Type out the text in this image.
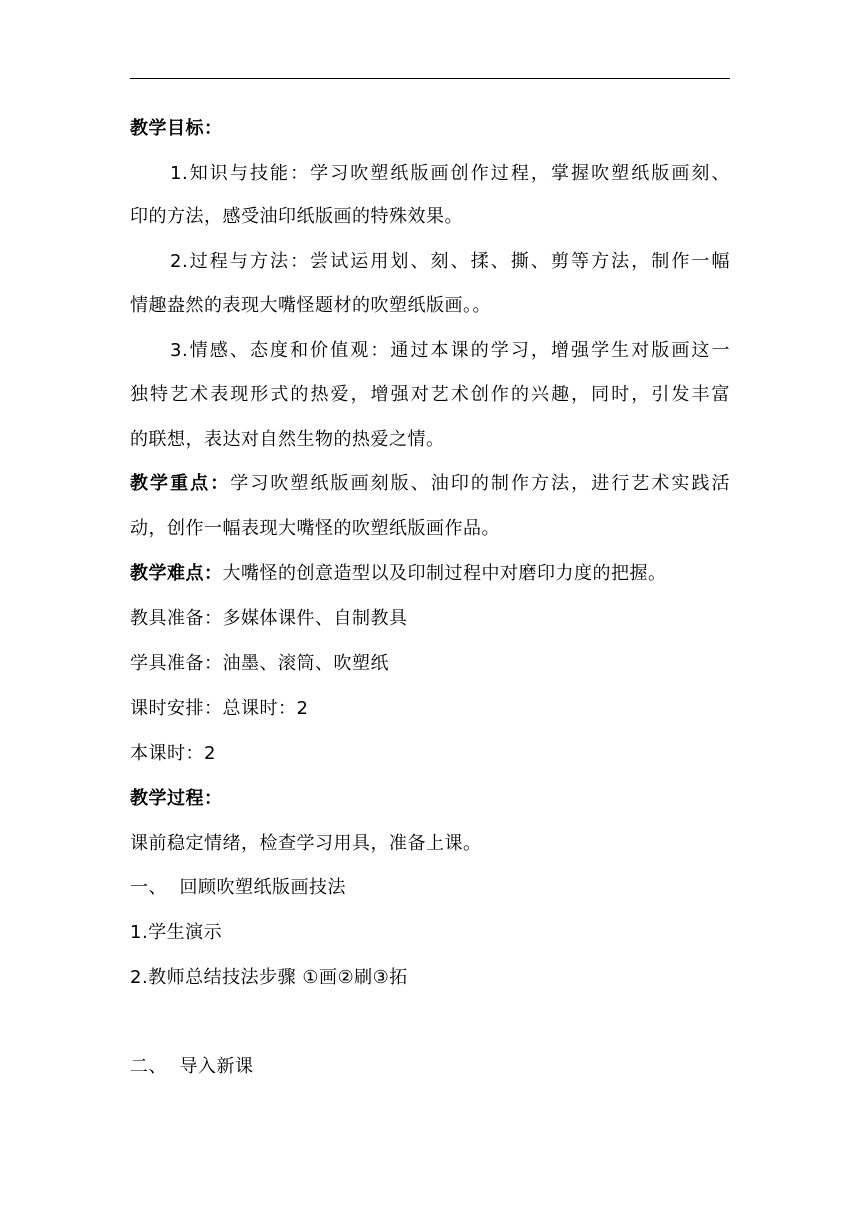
教学目标：
1.知识与技能：学习吹塑纸版画创作过程，掌握吹塑纸版画刻、
印的方法，感受油印纸版画的特殊效果。
2.过程与方法：尝试运用划、刻、揉、撕、剪等方法，制作一幅
情趣盎然的表现大嘴怪题材的吹塑纸版画。。
3.情感、态度和价值观：通过本课的学习，增强学生对版画这一
独特艺术表现形式的热爱，增强对艺术创作的兴趣，同时，引发丰富
的联想，表达对自然生物的热爱之情。
教学重点：学习吹塑纸版画刻版、油印的制作方法，进行艺术实践活
动，创作一幅表现大嘴怪的吹塑纸版画作品。
教学难点：大嘴怪的创意造型以及印制过程中对磨印力度的把握。
教具准备：多媒体课件、自制教具
学具准备：油墨、滚筒、吹塑纸
课时安排：总课时：2
本课时：2
教学过程：
课前稳定情绪，检查学习用具，准备上课。
一、  回顾吹塑纸版画技法
1.学生演示
2.教师总结技法步骤 ①画②刷③拓
二、  导入新课
